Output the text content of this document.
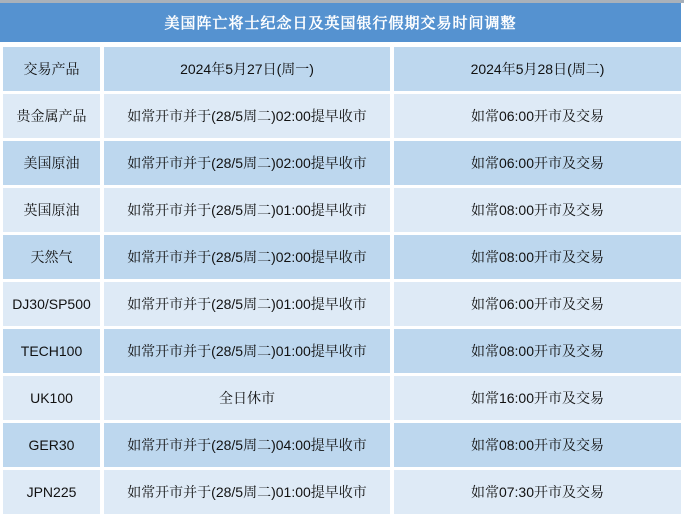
美国阵亡将士纪念日及英国银行假期交易时间调整
交易产品	2024年5月27日(周一)	2024年5月28日(周二)
贵金属产品	如常开市并于(28/5周二)02:00提早收市	如常06:00开市及交易
美国原油	如常开市并于(28/5周二)02:00提早收市	如常06:00开市及交易
英国原油	如常开市并于(28/5周二)01:00提早收市	如常08:00开市及交易
天然气	如常开市并于(28/5周二)02:00提早收市	如常08:00开市及交易
DJ30/SP500	如常开市并于(28/5周二)01:00提早收市	如常06:00开市及交易
TECH100	如常开市并于(28/5周二)01:00提早收市	如常08:00开市及交易
UK100	全日休市	如常16:00开市及交易
GER30	如常开市并于(28/5周二)04:00提早收市	如常08:00开市及交易
JPN225	如常开市并于(28/5周二)01:00提早收市	如常07:30开市及交易
